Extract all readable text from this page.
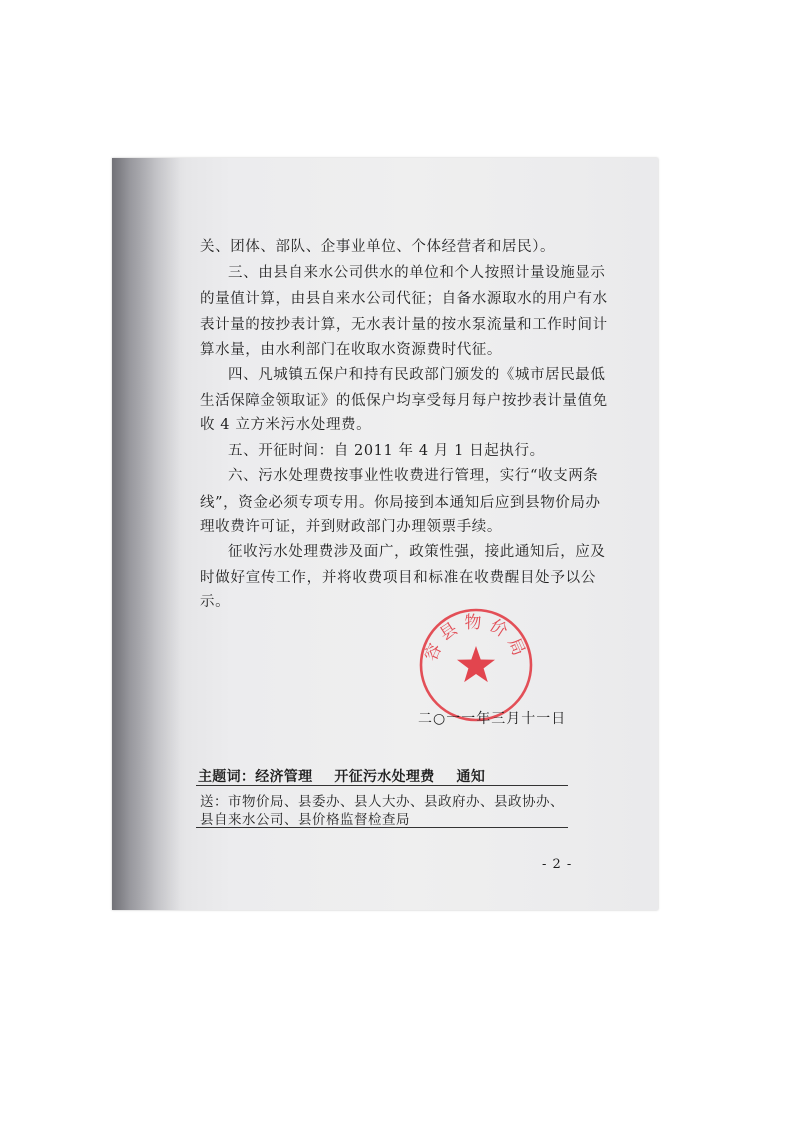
关、团体、部队、企事业单位、个体经营者和居民）。
三、由县自来水公司供水的单位和个人按照计量设施显示
的量值计算，由县自来水公司代征；自备水源取水的用户有水
表计量的按抄表计算，无水表计量的按水泵流量和工作时间计
算水量，由水利部门在收取水资源费时代征。
四、凡城镇五保户和持有民政部门颁发的《城市居民最低
生活保障金领取证》的低保户均享受每月每户按抄表计量值免
收 4 立方米污水处理费。
五、开征时间：自 2011 年 4 月 1 日起执行。
六、污水处理费按事业性收费进行管理，实行“收支两条
线”，资金必须专项专用。你局接到本通知后应到县物价局办
理收费许可证，并到财政部门办理领票手续。
征收污水处理费涉及面广，政策性强，接此通知后，应及
时做好宣传工作，并将收费项目和标准在收费醒目处予以公
示。
容县物价局
二○一一年三月十一日
主题词：经济管理 开征污水处理费 通知
送：市物价局、县委办、县人大办、县政府办、县政协办、
县自来水公司、县价格监督检查局
- 2 -
